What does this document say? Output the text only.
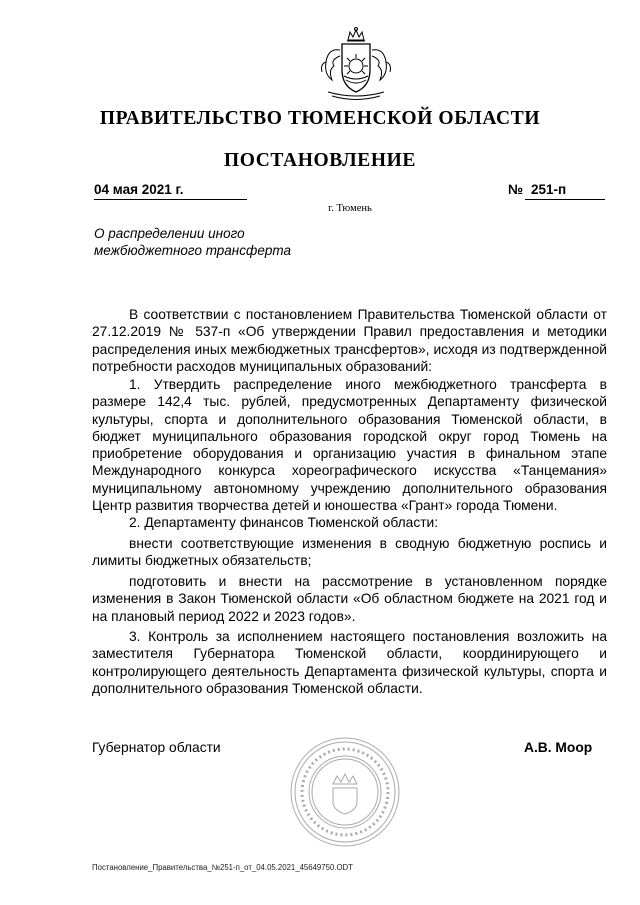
ПРАВИТЕЛЬСТВО ТЮМЕНСКОЙ ОБЛАСТИ
ПОСТАНОВЛЕНИЕ
04 мая 2021 г.	№ 251-п
г. Тюмень
О распределении иного
межбюджетного трансферта

В соответствии с постановлением Правительства Тюменской области от 27.12.2019 № 537-п «Об утверждении Правил предоставления и методики распределения иных межбюджетных трансфертов», исходя из подтвержденной потребности расходов муниципальных образований:

1. Утвердить распределение иного межбюджетного трансферта в размере 142,4 тыс. рублей, предусмотренных Департаменту физической культуры, спорта и дополнительного образования Тюменской области, в бюджет муниципального образования городской округ город Тюмень на приобретение оборудования и организацию участия в финальном этапе Международного конкурса хореографического искусства «Танцемания» муниципальному автономному учреждению дополнительного образования Центр развития творчества детей и юношества «Грант» города Тюмени.

2. Департаменту финансов Тюменской области:

внести соответствующие изменения в сводную бюджетную роспись и лимиты бюджетных обязательств;

подготовить и внести на рассмотрение в установленном порядке изменения в Закон Тюменской области «Об областном бюджете на 2021 год и на плановый период 2022 и 2023 годов».

3. Контроль за исполнением настоящего постановления возложить на заместителя Губернатора Тюменской области, координирующего и контролирующего деятельность Департамента физической культуры, спорта и дополнительного образования Тюменской области.

Губернатор области	А.В. Моор
Постановление_Правительства_№251-п_от_04.05.2021_45649750.ODT
